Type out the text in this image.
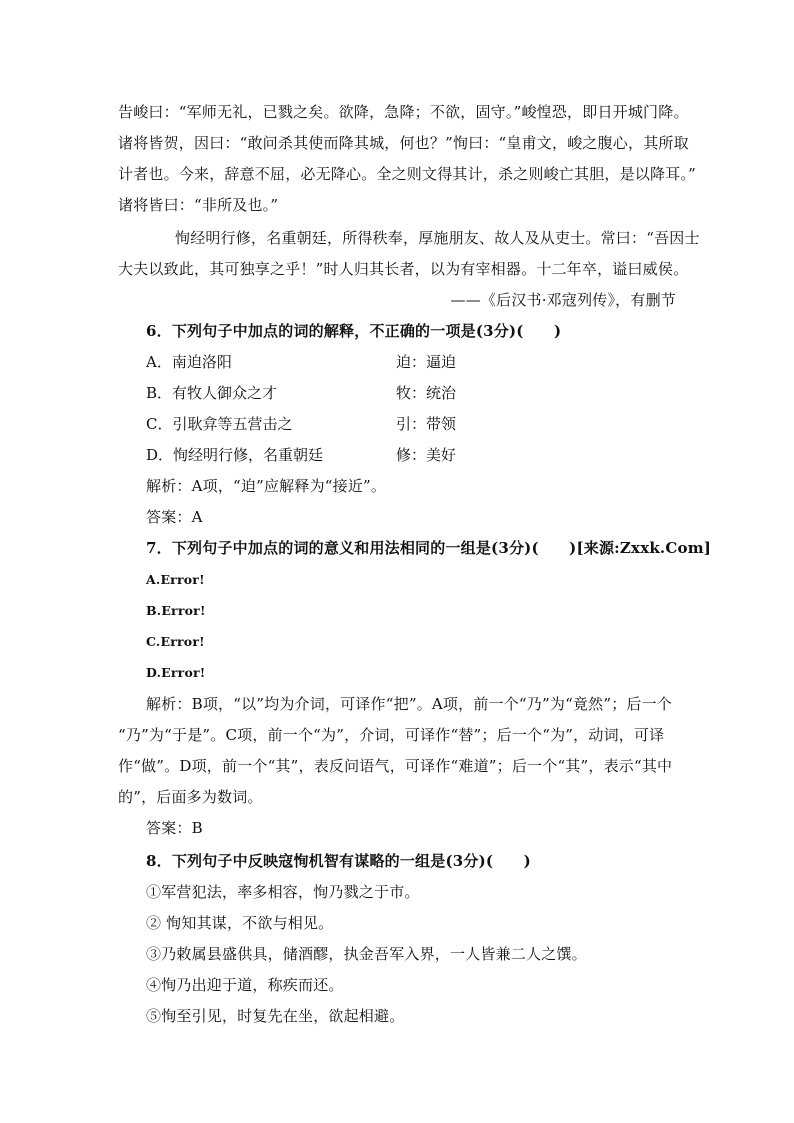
告峻曰：“军师无礼，已戮之矣。欲降，急降；不欲，固守。”峻惶恐，即日开城门降。
诸将皆贺，因曰：“敢问杀其使而降其城，何也？”恂曰：“皇甫文，峻之腹心，其所取
计者也。今来，辞意不屈，必无降心。全之则文得其计，杀之则峻亡其胆，是以降耳。”
诸将皆曰：“非所及也。”
恂经明行修，名重朝廷，所得秩奉，厚施朋友、故人及从吏士。常曰：“吾因士
大夫以致此，其可独享之乎！”时人归其长者，以为有宰相器。十二年卒，谥曰威侯。
——《后汉书·邓寇列传》，有删节
6．下列句子中加点的词的解释，不正确的一项是(3分)(　　)
A．南迫洛阳	迫：逼迫
B．有牧人御众之才	牧：统治
C．引耿弇等五营击之	引：带领
D．恂经明行修，名重朝廷	修：美好
解析：A项，“迫”应解释为“接近”。
答案：A
7．下列句子中加点的词的意义和用法相同的一组是(3分)(　　)[来源:Zxxk.Com]
A.Error!
B.Error!
C.Error!
D.Error!
解析：B项，“以”均为介词，可译作“把”。A项，前一个“乃”为“竟然”；后一个
“乃”为“于是”。C项，前一个“为”，介词，可译作“替”；后一个“为”，动词，可译
作“做”。D项，前一个“其”，表反问语气，可译作“难道”；后一个“其”，表示“其中
的”，后面多为数词。
答案：B
8．下列句子中反映寇恂机智有谋略的一组是(3分)(　　)
①军营犯法，率多相容，恂乃戮之于市。
② 恂知其谋，不欲与相见。
③乃敕属县盛供具，储酒醪，执金吾军入界，一人皆兼二人之馔。
④恂乃出迎于道，称疾而还。
⑤恂至引见，时复先在坐，欲起相避。
